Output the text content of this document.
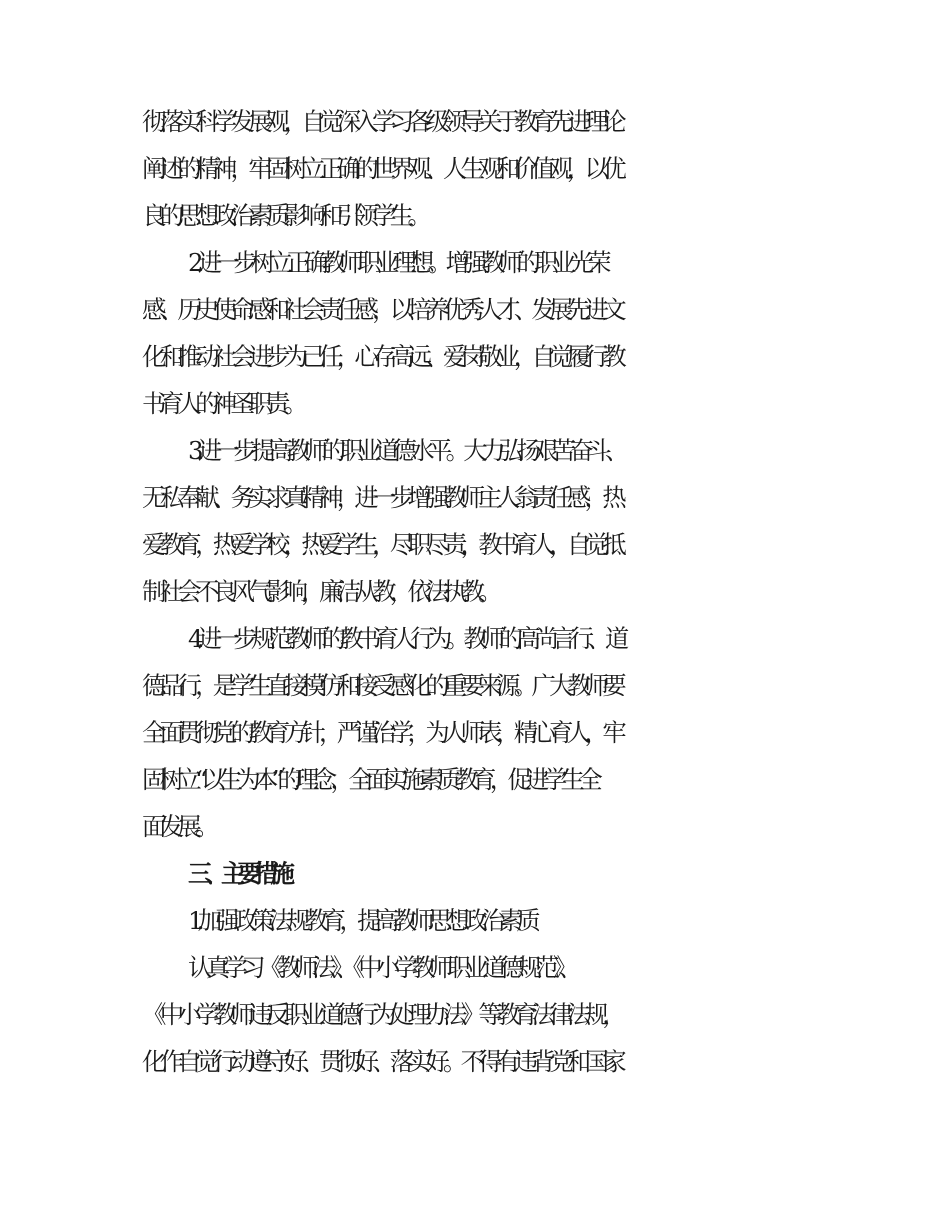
彻落实科学发展观，自觉深入学习各级领导关于教育先进理论
阐述的精神，牢固树立正确的世界观、人生观和价值观，以优
良的思想政治素质影响和引领学生。
2.进一步树立正确教师职业理想。增强教师的职业光荣
感、历史使命感和社会责任感，以培养优秀人才、发展先进文
化和推动社会进步为己任，心存高远、爱岗敬业，自觉履行教
书育人的神圣职责。
3.进一步提高教师的职业道德水平。大力弘扬艰苦奋斗、
无私奉献、务实求真精神，进一步增强教师主人翁责任感，热
爱教育，热爱学校，热爱学生，尽职尽责，教书育人，自觉抵
制社会不良风气影响，廉洁从教，依法执教。
4.进一步规范教师的教书育人行为。教师的高尚言行、道
德品行，是学生直接模仿和接受感化的重要来源。广大教师要
全面贯彻党的教育方针，严谨治学，为人师表，精心育人，牢
固树立“以生为本”的理念，全面实施素质教育，促进学生全
面发展。
三、主要措施
1.加强政策法规教育，提高教师思想政治素质
认真学习《教师法》、《中小学教师职业道德规范》、
《中小学教师违反职业道德行为处理办法》等教育法律法规，
化作自觉行动遵守好、贯彻好、落实好。不得有违背党和国家
